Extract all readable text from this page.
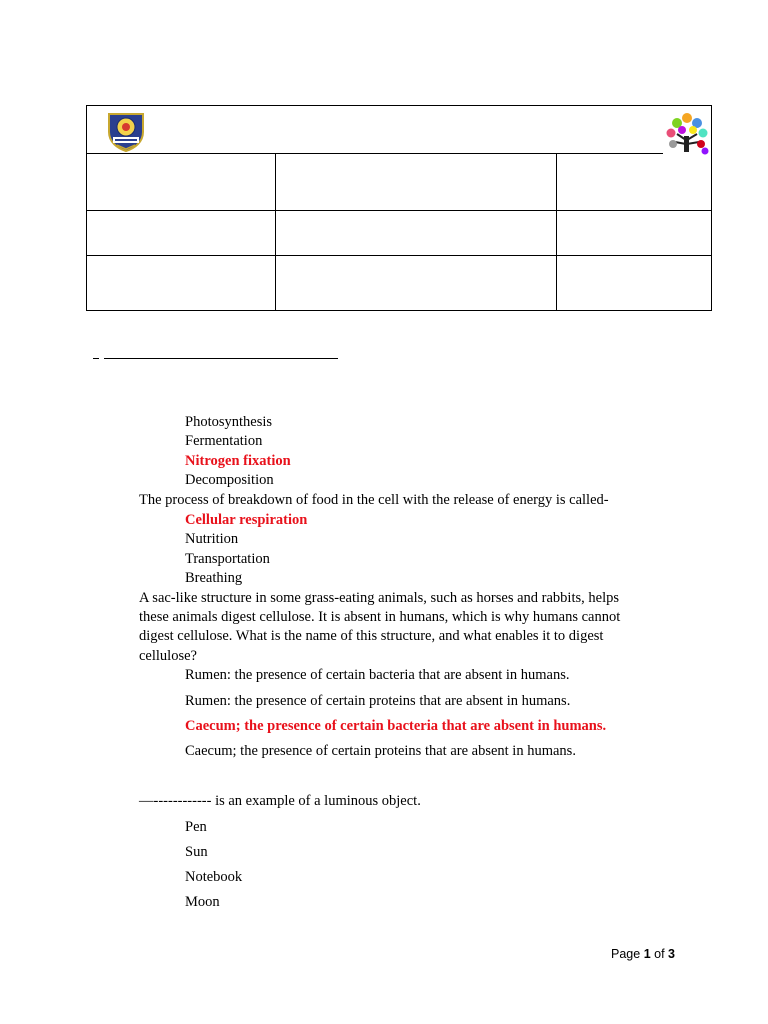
Photosynthesis
Fermentation
Nitrogen fixation
Decomposition
The process of breakdown of food in the cell with the release of energy is called-
Cellular respiration
Nutrition
Transportation
Breathing
A sac-like structure in some grass-eating animals, such as horses and rabbits, helps
these animals digest cellulose. It is absent in humans, which is why humans cannot
digest cellulose. What is the name of this structure, and what enables it to digest
cellulose?
Rumen: the presence of certain bacteria that are absent in humans.
Rumen: the presence of certain proteins that are absent in humans.
Caecum; the presence of certain bacteria that are absent in humans.
Caecum; the presence of certain proteins that are absent in humans.
—------------ is an example of a luminous object.
Pen
Sun
Notebook
Moon
Page 1 of 3
